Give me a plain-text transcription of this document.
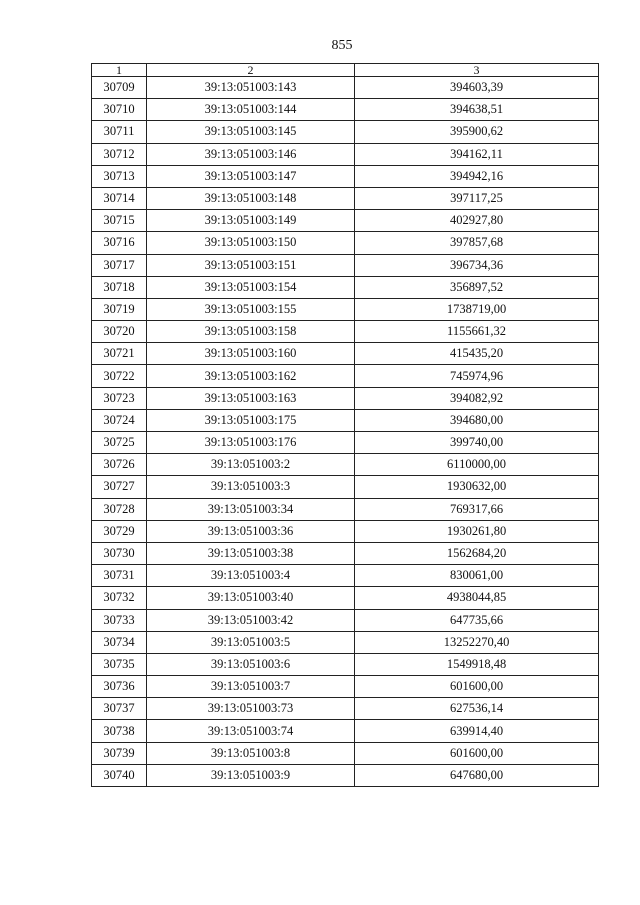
855
1	2	3
30709	39:13:051003:143	394603,39
30710	39:13:051003:144	394638,51
30711	39:13:051003:145	395900,62
30712	39:13:051003:146	394162,11
30713	39:13:051003:147	394942,16
30714	39:13:051003:148	397117,25
30715	39:13:051003:149	402927,80
30716	39:13:051003:150	397857,68
30717	39:13:051003:151	396734,36
30718	39:13:051003:154	356897,52
30719	39:13:051003:155	1738719,00
30720	39:13:051003:158	1155661,32
30721	39:13:051003:160	415435,20
30722	39:13:051003:162	745974,96
30723	39:13:051003:163	394082,92
30724	39:13:051003:175	394680,00
30725	39:13:051003:176	399740,00
30726	39:13:051003:2	6110000,00
30727	39:13:051003:3	1930632,00
30728	39:13:051003:34	769317,66
30729	39:13:051003:36	1930261,80
30730	39:13:051003:38	1562684,20
30731	39:13:051003:4	830061,00
30732	39:13:051003:40	4938044,85
30733	39:13:051003:42	647735,66
30734	39:13:051003:5	13252270,40
30735	39:13:051003:6	1549918,48
30736	39:13:051003:7	601600,00
30737	39:13:051003:73	627536,14
30738	39:13:051003:74	639914,40
30739	39:13:051003:8	601600,00
30740	39:13:051003:9	647680,00
